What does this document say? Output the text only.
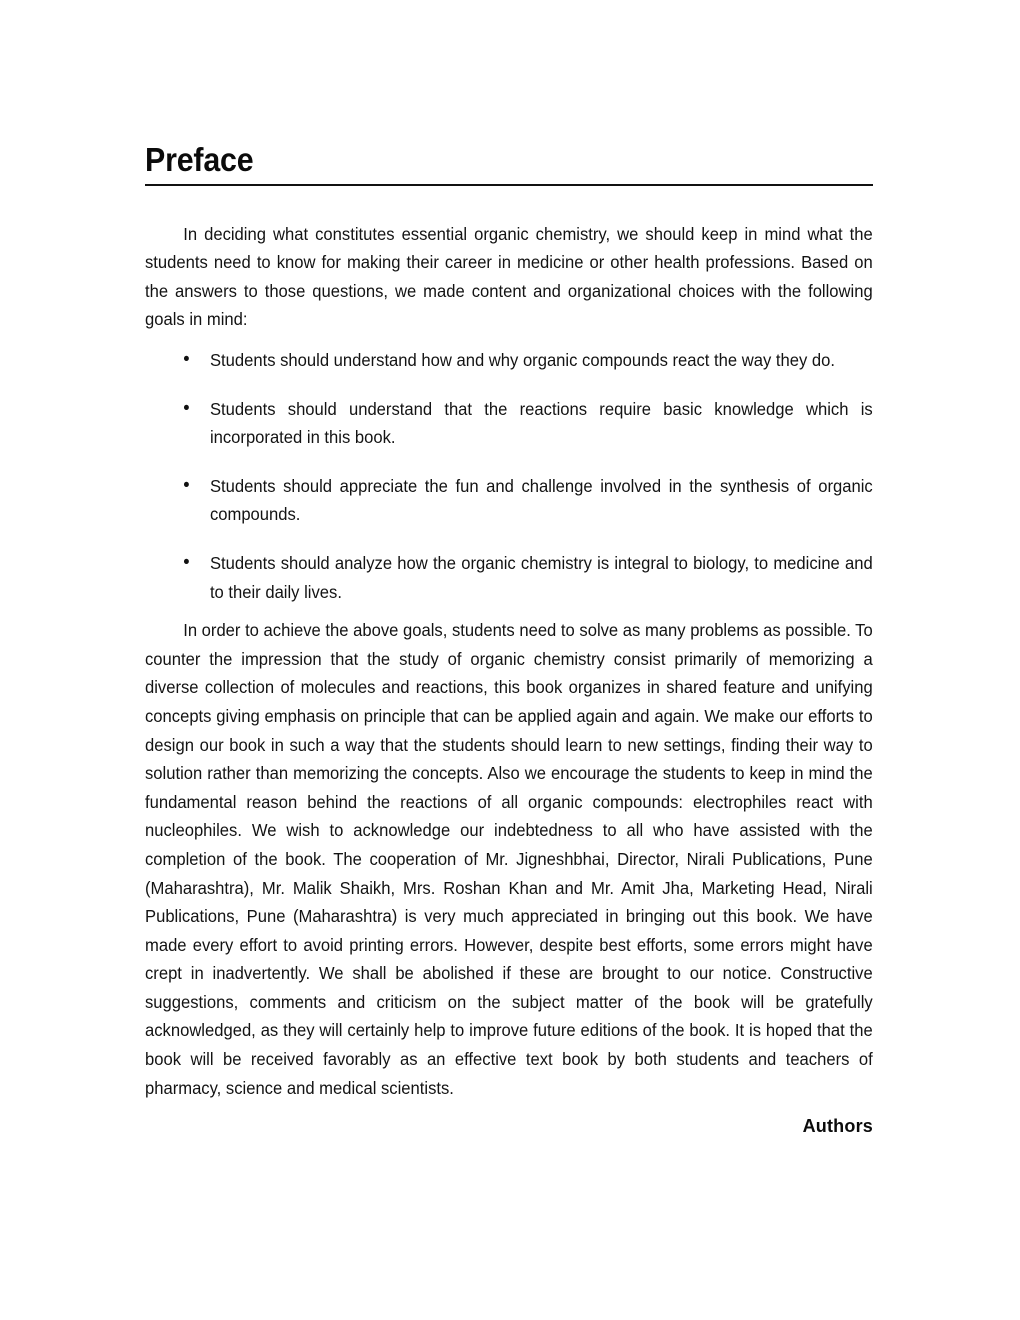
Preface

In deciding what constitutes essential organic chemistry, we should keep in mind what the students need to know for making their career in medicine or other health professions. Based on the answers to those questions, we made content and organizational choices with the following goals in mind:

• Students should understand how and why organic compounds react the way they do.
• Students should understand that the reactions require basic knowledge which is incorporated in this book.
• Students should appreciate the fun and challenge involved in the synthesis of organic compounds.
• Students should analyze how the organic chemistry is integral to biology, to medicine and to their daily lives.

In order to achieve the above goals, students need to solve as many problems as possible. To counter the impression that the study of organic chemistry consist primarily of memorizing a diverse collection of molecules and reactions, this book organizes in shared feature and unifying concepts giving emphasis on principle that can be applied again and again. We make our efforts to design our book in such a way that the students should learn to new settings, finding their way to solution rather than memorizing the concepts. Also we encourage the students to keep in mind the fundamental reason behind the reactions of all organic compounds: electrophiles react with nucleophiles. We wish to acknowledge our indebtedness to all who have assisted with the completion of the book. The cooperation of Mr. Jigneshbhai, Director, Nirali Publications, Pune (Maharashtra), Mr. Malik Shaikh, Mrs. Roshan Khan and Mr. Amit Jha, Marketing Head, Nirali Publications, Pune (Maharashtra) is very much appreciated in bringing out this book. We have made every effort to avoid printing errors. However, despite best efforts, some errors might have crept in inadvertently. We shall be abolished if these are brought to our notice. Constructive suggestions, comments and criticism on the subject matter of the book will be gratefully acknowledged, as they will certainly help to improve future editions of the book. It is hoped that the book will be received favorably as an effective text book by both students and teachers of pharmacy, science and medical scientists.

Authors
